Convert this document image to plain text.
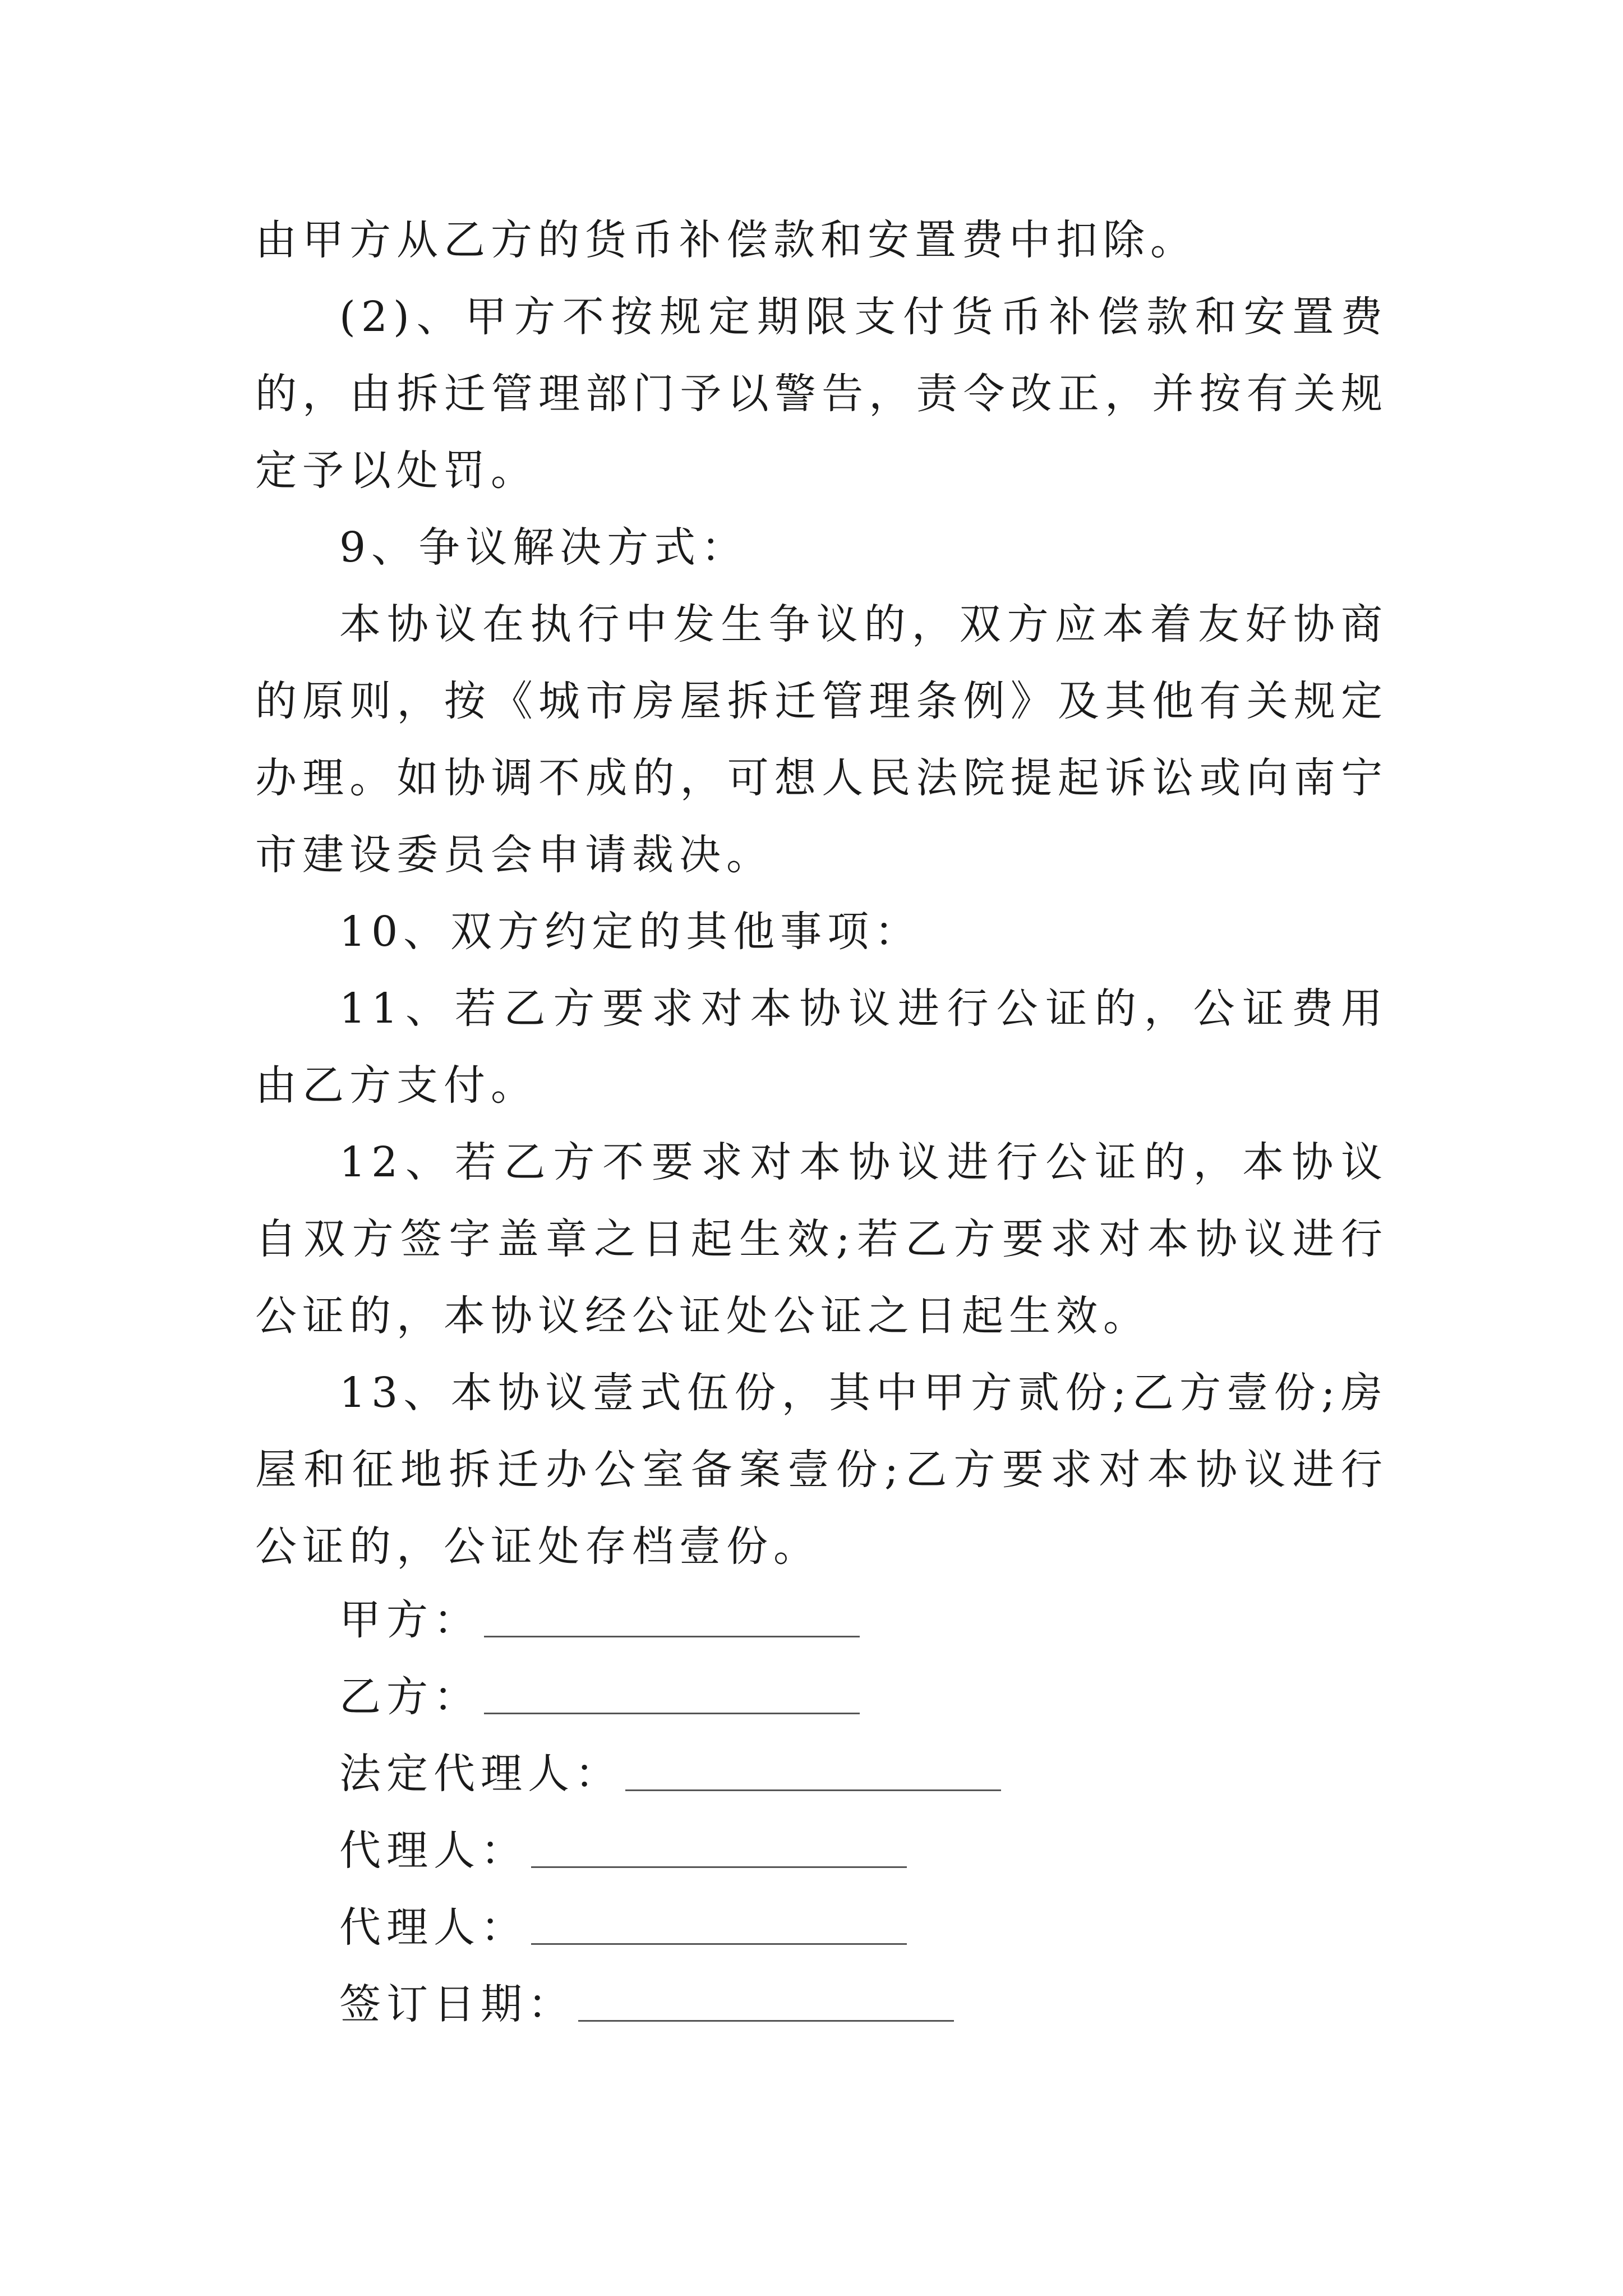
由甲方从乙方的货币补偿款和安置费中扣除。

(2)、甲方不按规定期限支付货币补偿款和安置费的，由拆迁管理部门予以警告，责令改正，并按有关规定予以处罚。

9、争议解决方式：

本协议在执行中发生争议的，双方应本着友好协商的原则，按《城市房屋拆迁管理条例》及其他有关规定办理。如协调不成的，可想人民法院提起诉讼或向南宁市建设委员会申请裁决。

10、双方约定的其他事项：

11、若乙方要求对本协议进行公证的，公证费用由乙方支付。

12、若乙方不要求对本协议进行公证的，本协议自双方签字盖章之日起生效;若乙方要求对本协议进行公证的，本协议经公证处公证之日起生效。

13、本协议壹式伍份，其中甲方贰份;乙方壹份;房屋和征地拆迁办公室备案壹份;乙方要求对本协议进行公证的，公证处存档壹份。

甲方：
乙方：
法定代理人：
代理人：
代理人：
签订日期：
